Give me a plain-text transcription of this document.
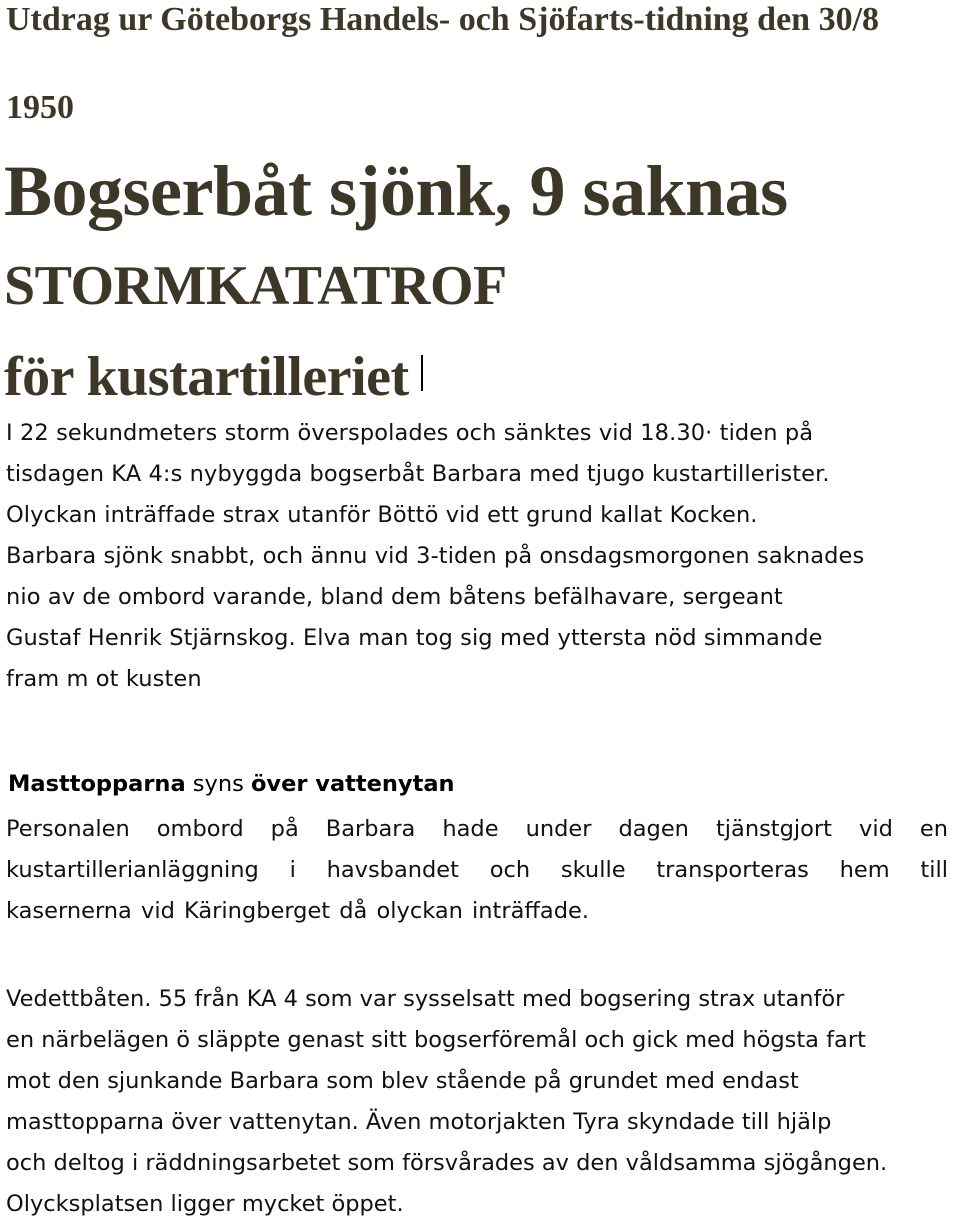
Utdrag ur Göteborgs Handels- och Sjöfarts-tidning den 30/8
1950
Bogserbåt sjönk, 9 saknas
STORMKATATROF
för kustartilleriet

I 22 sekundmeters storm överspolades och sänktes vid 18.30· tiden på
tisdagen KA 4:s nybyggda bogserbåt Barbara med tjugo kustartillerister.
Olyckan inträffade strax utanför Böttö vid ett grund kallat Kocken.
Barbara sjönk snabbt, och ännu vid 3-tiden på onsdagsmorgonen saknades
nio av de ombord varande, bland dem båtens befälhavare, sergeant
Gustaf Henrik Stjärnskog. Elva man tog sig med yttersta nöd simmande
fram m ot kusten

Masttopparna syns över vattenytan

Personalen ombord på Barbara hade under dagen tjänstgjort vid en
kustartillerianläggning i havsbandet och skulle transporteras hem till
kasernerna vid Käringberget då olyckan inträffade.

Vedettbåten. 55 från KA 4 som var sysselsatt med bogsering strax utanför
en närbelägen ö släppte genast sitt bogserföremål och gick med högsta fart
mot den sjunkande Barbara som blev stående på grundet med endast
masttopparna över vattenytan. Även motorjakten Tyra skyndade till hjälp
och deltog i räddningsarbetet som försvårades av den våldsamma sjögången.
Olycksplatsen ligger mycket öppet.
